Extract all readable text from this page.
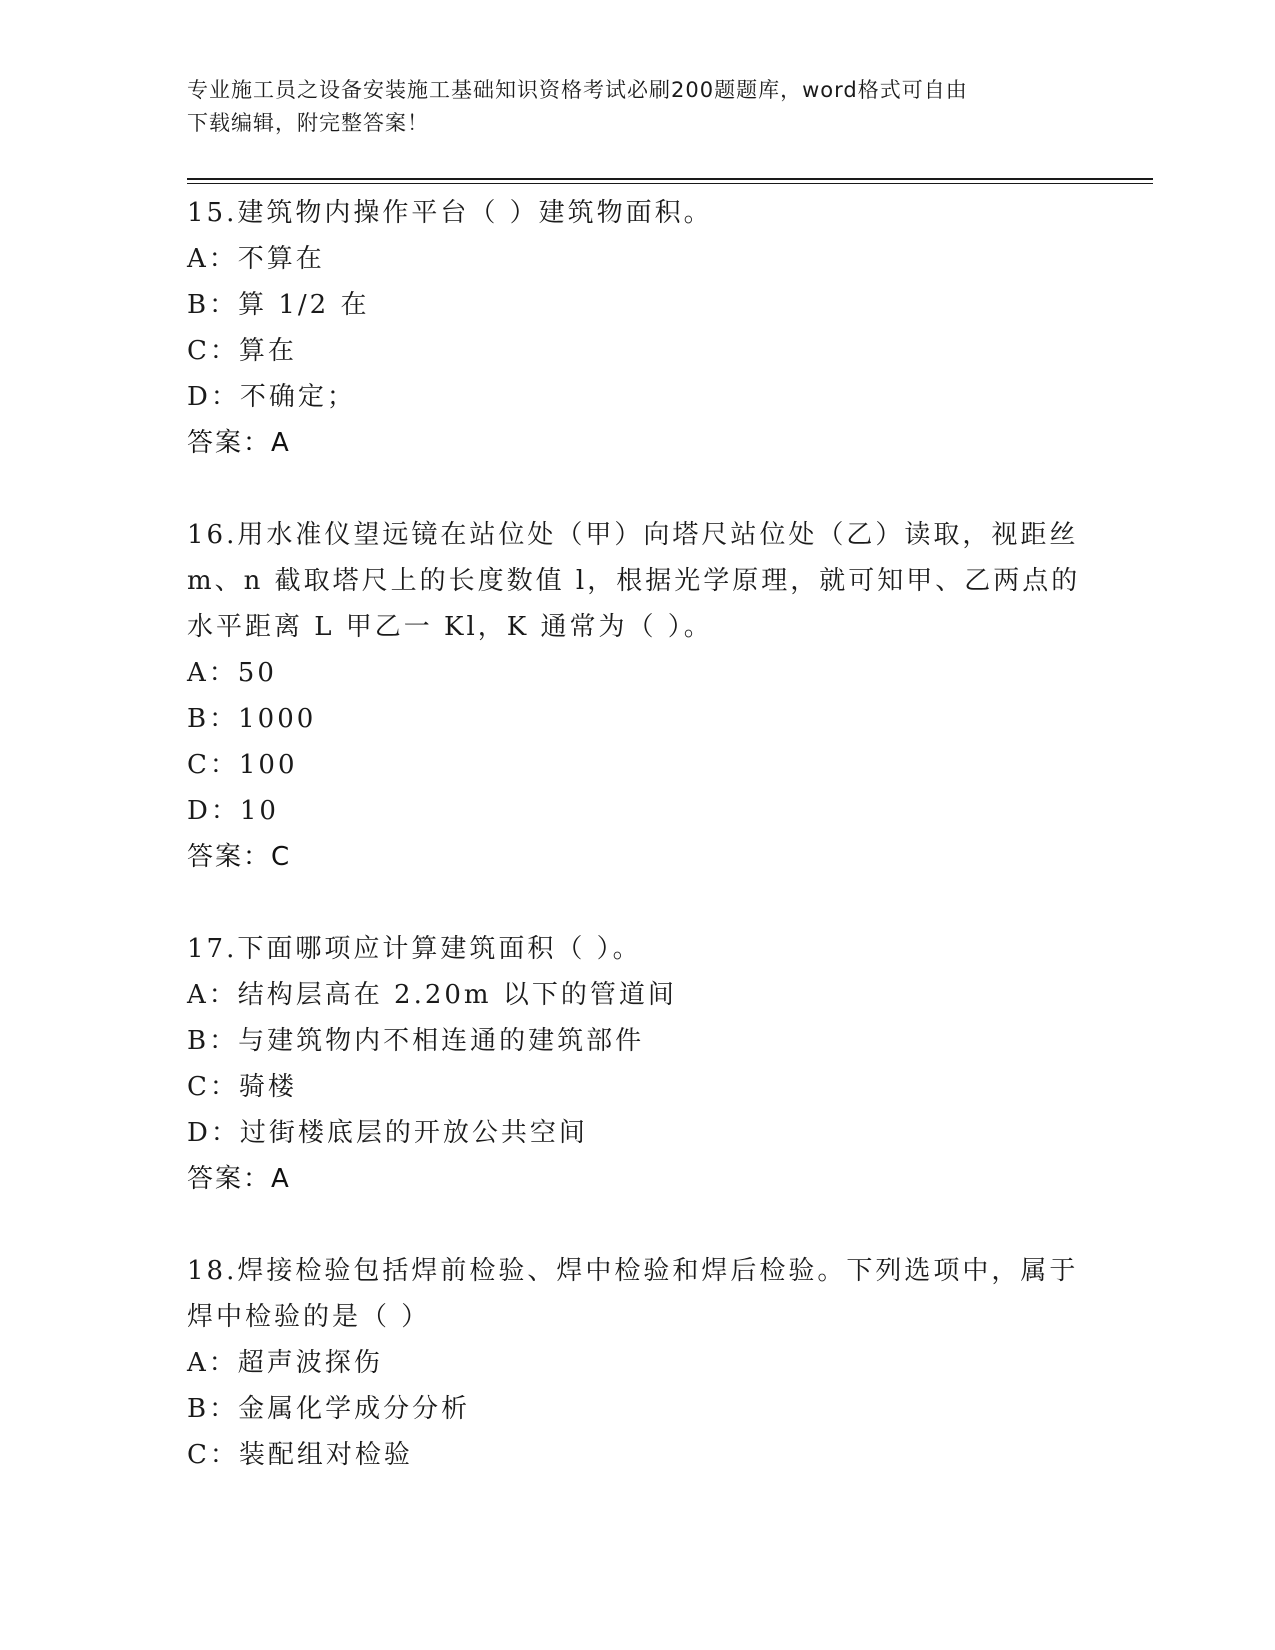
专业施工员之设备安装施工基础知识资格考试必刷200题题库，word格式可自由
下载编辑，附完整答案！
15.建筑物内操作平台（ ）建筑物面积。
A：不算在
B：算 1/2 在
C：算在
D：不确定；
答案：A
16.用水准仪望远镜在站位处（甲）向塔尺站位处（乙）读取，视距丝
m、n 截取塔尺上的长度数值 l，根据光学原理，就可知甲、乙两点的
水平距离 L 甲乙一 Kl，K 通常为（ ）。
A：50
B：1000
C：100
D：10
答案：C
17.下面哪项应计算建筑面积（ ）。
A：结构层高在 2.20m 以下的管道间
B：与建筑物内不相连通的建筑部件
C：骑楼
D：过街楼底层的开放公共空间
答案：A
18.焊接检验包括焊前检验、焊中检验和焊后检验。下列选项中，属于
焊中检验的是（ ）
A：超声波探伤
B：金属化学成分分析
C：装配组对检验
